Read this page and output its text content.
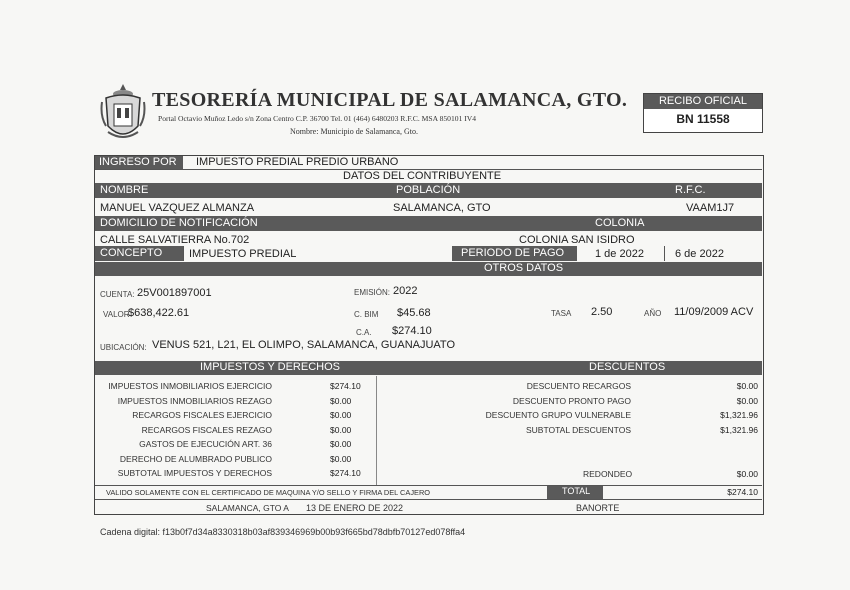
TESORERÍA MUNICIPAL DE SALAMANCA, GTO.
Portal Octavio Muñoz Ledo s/n Zona Centro C.P. 36700 Tel. 01 (464) 6480203 R.F.C. MSA 850101 IV4
Nombre: Municipio de Salamanca, Gto.
RECIBO OFICIAL
BN 11558
INGRESO POR IMPUESTO PREDIAL PREDIO URBANO
DATOS DEL CONTRIBUYENTE
NOMBRE	POBLACIÓN	R.F.C.
MANUEL VAZQUEZ ALMANZA	SALAMANCA, GTO	VAAM1J7
DOMICILIO DE NOTIFICACIÓN	COLONIA
CALLE SALVATIERRA No.702	COLONIA SAN ISIDRO
CONCEPTO IMPUESTO PREDIAL	PERIODO DE PAGO	1 de 2022	6 de 2022
OTROS DATOS
CUENTA: 25V001897001	EMISIÓN: 2022
VALOR
$638,422.61	C. BIM $45.68	TASA 2.50	AÑO 11/09/2009 ACV
C.A. $274.10
UBICACIÓN: VENUS 521, L21, EL OLIMPO, SALAMANCA, GUANAJUATO
IMPUESTOS Y DERECHOS	DESCUENTOS
IMPUESTOS INMOBILIARIOS EJERCICIO	$274.10
IMPUESTOS INMOBILIARIOS REZAGO	$0.00
RECARGOS FISCALES EJERCICIO	$0.00
RECARGOS FISCALES REZAGO	$0.00
GASTOS DE EJECUCIÓN ART. 36	$0.00
DERECHO DE ALUMBRADO PUBLICO	$0.00
SUBTOTAL IMPUESTOS Y DERECHOS	$274.10
DESCUENTO RECARGOS	$0.00
DESCUENTO PRONTO PAGO	$0.00
DESCUENTO GRUPO VULNERABLE	$1,321.96
SUBTOTAL DESCUENTOS	$1,321.96
REDONDEO	$0.00
VALIDO SOLAMENTE CON EL CERTIFICADO DE MAQUINA Y/O SELLO Y FIRMA DEL CAJERO	TOTAL	$274.10
SALAMANCA, GTO A 13 DE ENERO DE 2022	BANORTE
Cadena digital: f13b0f7d34a8330318b03af839346969b00b93f665bd78dbfb70127ed078ffa4
